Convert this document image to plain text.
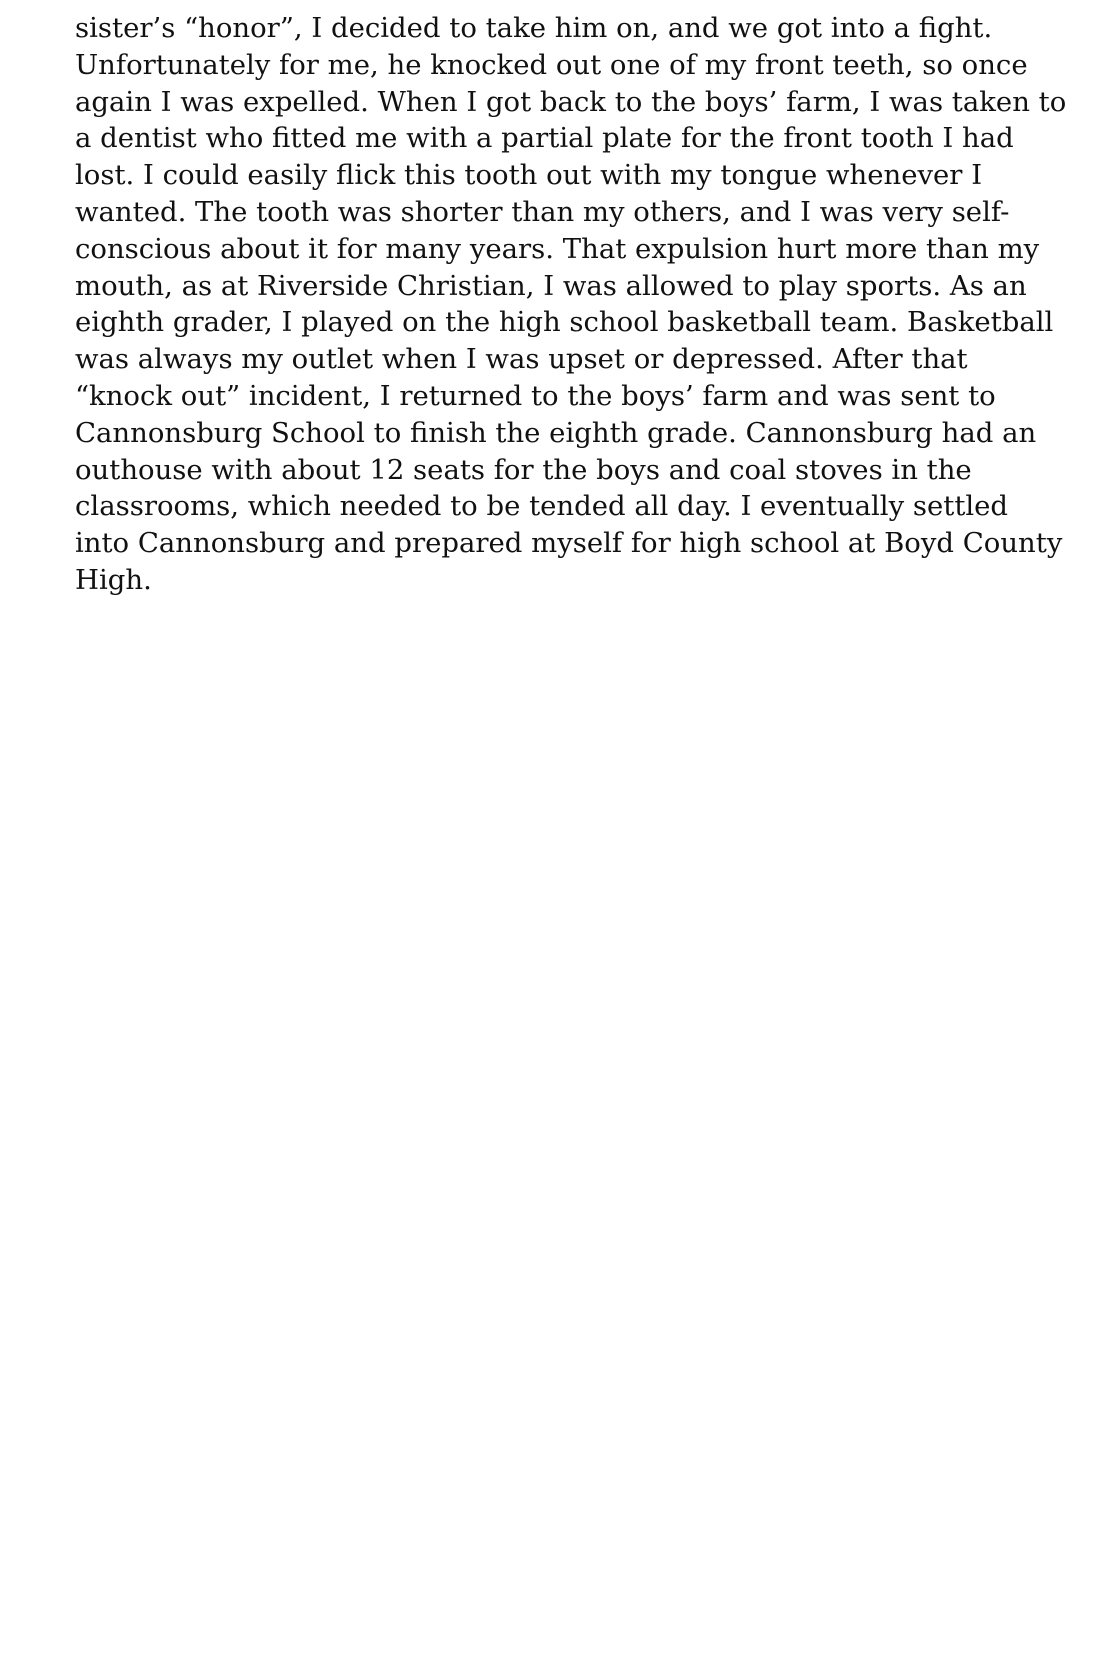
sister’s “honor”, I decided to take him on, and we got into a fight.
Unfortunately for me, he knocked out one of my front teeth, so once
again I was expelled. When I got back to the boys’ farm, I was taken to
a dentist who fitted me with a partial plate for the front tooth I had
lost. I could easily flick this tooth out with my tongue whenever I
wanted. The tooth was shorter than my others, and I was very self-
conscious about it for many years. That expulsion hurt more than my
mouth, as at Riverside Christian, I was allowed to play sports. As an
eighth grader, I played on the high school basketball team. Basketball
was always my outlet when I was upset or depressed. After that
“knock out” incident, I returned to the boys’ farm and was sent to
Cannonsburg School to finish the eighth grade. Cannonsburg had an
outhouse with about 12 seats for the boys and coal stoves in the
classrooms, which needed to be tended all day. I eventually settled
into Cannonsburg and prepared myself for high school at Boyd County
High.
